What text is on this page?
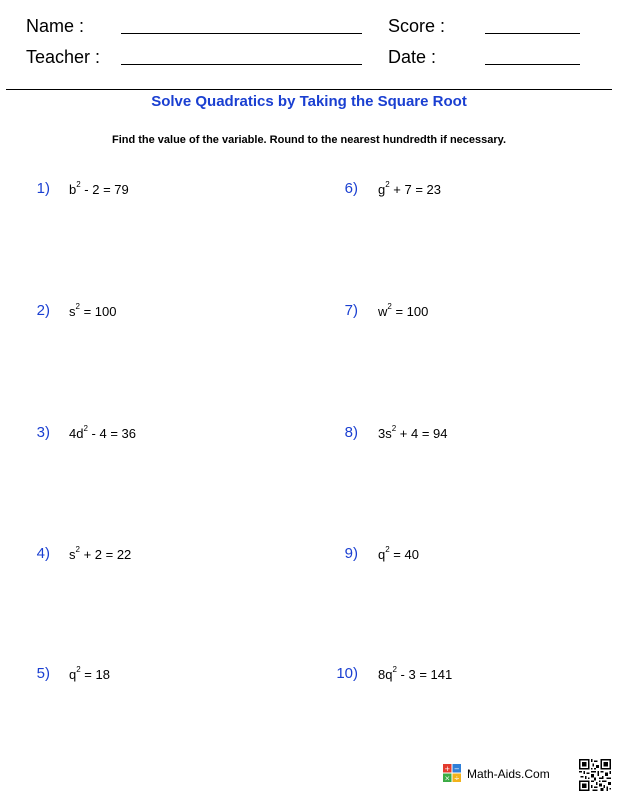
Name :	Score :
Teacher :	Date :
Solve Quadratics by Taking the Square Root
Find the value of the variable. Round to the nearest hundredth if necessary.
1) $b^2 - 2 = 79$
2) $s^2 = 100$
3) $4d^2 - 4 = 36$
4) $s^2 + 2 = 22$
5) $q^2 = 18$
6) $g^2 + 7 = 23$
7) $w^2 = 100$
8) $3s^2 + 4 = 94$
9) $q^2 = 40$
10) $8q^2 - 3 = 141$
+ −
× ÷ Math-Aids.Com
